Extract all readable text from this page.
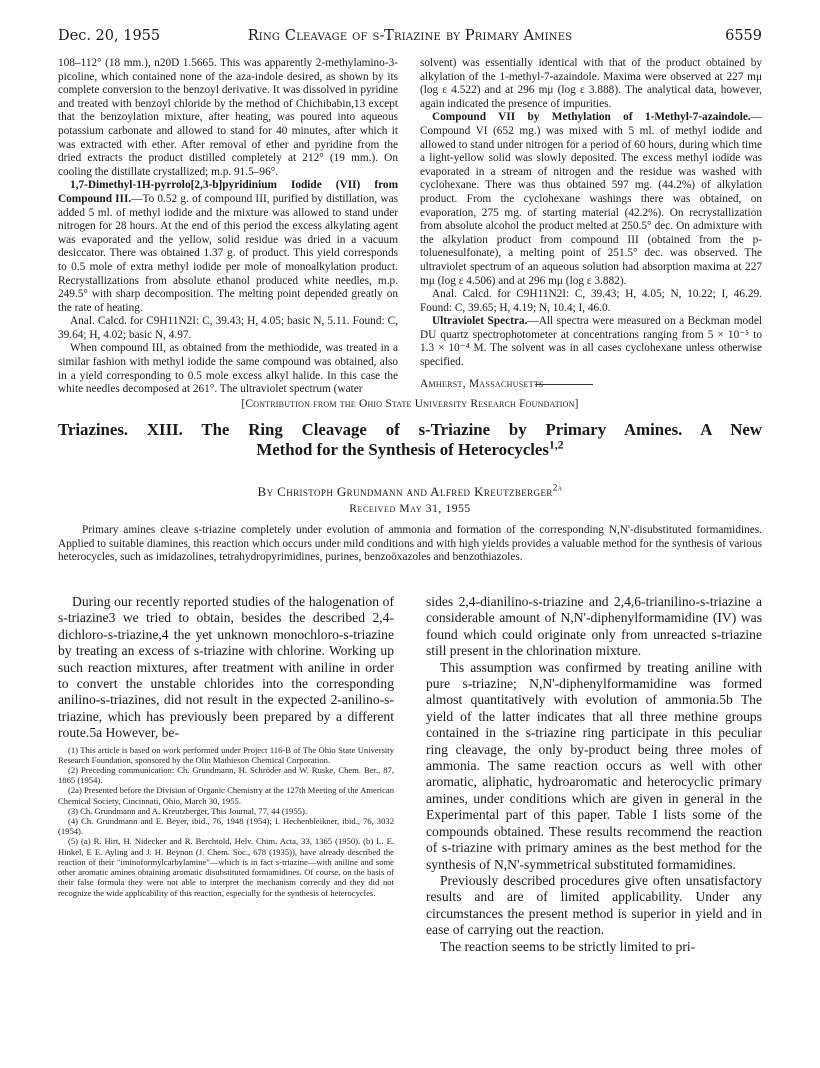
Dec. 20, 1955	Ring Cleavage of s-Triazine by Primary Amines	6559

108–112° (18 mm.), n20D 1.5665. This was apparently 2-methylamino-3-picoline, which contained none of the aza-indole desired, as shown by its complete conversion to the benzoyl derivative. It was dissolved in pyridine and treated with benzoyl chloride by the method of Chichibabin,13 except that the benzoylation mixture, after heating, was poured into aqueous potassium carbonate and allowed to stand for 40 minutes, after which it was extracted with ether. After removal of ether and pyridine from the dried extracts the product distilled completely at 212° (19 mm.). On cooling the distillate crystallized; m.p. 91.5–96°.

1,7-Dimethyl-1H-pyrrolo[2,3-b]pyridinium Iodide (VII) from Compound III.—To 0.52 g. of compound III, purified by distillation, was added 5 ml. of methyl iodide and the mixture was allowed to stand under nitrogen for 28 hours. At the end of this period the excess alkylating agent was evaporated and the yellow, solid residue was dried in a vacuum desiccator. There was obtained 1.37 g. of product. This yield corresponds to 0.5 mole of extra methyl iodide per mole of monoalkylation product. Recrystallizations from absolute ethanol produced white needles, m.p. 249.5° with sharp decomposition. The melting point depended greatly on the rate of heating.

Anal. Calcd. for C9H11N2I: C, 39.43; H, 4.05; basic N, 5.11. Found: C, 39.64; H, 4.02; basic N, 4.97.

When compound III, as obtained from the methiodide, was treated in a similar fashion with methyl iodide the same compound was obtained, also in a yield corresponding to 0.5 mole excess alkyl halide. In this case the white needles decomposed at 261°. The ultraviolet spectrum (water

solvent) was essentially identical with that of the product obtained by alkylation of the 1-methyl-7-azaindole. Maxima were observed at 227 mμ (log ε 4.522) and at 296 mμ (log ε 3.888). The analytical data, however, again indicated the presence of impurities.

Compound VII by Methylation of 1-Methyl-7-azaindole.—Compound VI (652 mg.) was mixed with 5 ml. of methyl iodide and allowed to stand under nitrogen for a period of 60 hours, during which time a light-yellow solid was slowly deposited. The excess methyl iodide was evaporated in a stream of nitrogen and the residue was washed with cyclohexane. There was thus obtained 597 mg. (44.2%) of alkylation product. From the cyclohexane washings there was obtained, on evaporation, 275 mg. of starting material (42.2%). On recrystallization from absolute alcohol the product melted at 250.5° dec. On admixture with the alkylation product from compound III (obtained from the p-toluenesulfonate), a melting point of 251.5° dec. was observed. The ultraviolet spectrum of an aqueous solution had absorption maxima at 227 mμ (log ε 4.506) and at 296 mμ (log ε 3.882).

Anal. Calcd. for C9H11N2I: C, 39.43; H, 4.05; N, 10.22; I, 46.29. Found: C, 39.65; H, 4.19; N, 10.4; I, 46.0.

Ultraviolet Spectra.—All spectra were measured on a Beckman model DU quartz spectrophotometer at concentrations ranging from 5 × 10⁻⁵ to 1.3 × 10⁻⁴ M. The solvent was in all cases cyclohexane unless otherwise specified.

Amherst, Massachusetts
[Contribution from the Ohio State University Research Foundation]
Triazines. XIII. The Ring Cleavage of s-Triazine by Primary Amines. A New
Method for the Synthesis of Heterocycles$^{1,2}$
By Christoph Grundmann and Alfred Kreutzberger$^{2a}$
Received May 31, 1955
Primary amines cleave s-triazine completely under evolution of ammonia and formation of the corresponding N,N'-disubstituted formamidines. Applied to suitable diamines, this reaction which occurs under mild conditions and with high yields provides a valuable method for the synthesis of various heterocycles, such as imidazolines, tetrahydropyrimidines, purines, benzoöxazoles and benzothiazoles.

During our recently reported studies of the halogenation of s-triazine3 we tried to obtain, besides the described 2,4-dichloro-s-triazine,4 the yet unknown monochloro-s-triazine by treating an excess of s-triazine with chlorine. Working up such reaction mixtures, after treatment with aniline in order to convert the unstable chlorides into the corresponding anilino-s-triazines, did not result in the expected 2-anilino-s-triazine, which has previously been prepared by a different route.5a However, be-

(1) This article is based on work performed under Project 116-B of The Ohio State University Research Foundation, sponsored by the Olin Mathieson Chemical Corporation.

(2) Preceding communication: Ch. Grundmann, H. Schröder and W. Ruske, Chem. Ber., 87, 1865 (1954).

(2a) Presented before the Division of Organic Chemistry at the 127th Meeting of the American Chemical Society, Cincinnati, Ohio, March 30, 1955.

(3) Ch. Grundmann and A. Kreutzberger, This Journal, 77, 44 (1955).

(4) Ch. Grundmann and E. Beyer, ibid., 76, 1948 (1954); I. Hechenbleikner, ibid., 76, 3032 (1954).

(5) (a) R. Hirt, H. Nidecker and R. Berchtold, Helv. Chim. Acta, 33, 1365 (1950). (b) L. E. Hinkel, E E. Ayling and J. H. Beynon (J. Chem. Soc., 678 (1935)), have already described the reaction of their "iminoformylcarbylamine"—which is in fact s-triazine—with aniline and some other aromatic amines obtaining aromatic disubstituted formamidines. Of course, on the basis of their false formula they were not able to interpret the mechanism correctly and they did not recognize the wide applicability of this reaction, especially for the synthesis of heterocycles.

sides 2,4-dianilino-s-triazine and 2,4,6-trianilino-s-triazine a considerable amount of N,N'-diphenylformamidine (IV) was found which could originate only from unreacted s-triazine still present in the chlorination mixture.

This assumption was confirmed by treating aniline with pure s-triazine; N,N'-diphenylformamidine was formed almost quantitatively with evolution of ammonia.5b The yield of the latter indicates that all three methine groups contained in the s-triazine ring participate in this peculiar ring cleavage, the only by-product being three moles of ammonia. The same reaction occurs as well with other aromatic, aliphatic, hydroaromatic and heterocyclic primary amines, under conditions which are given in general in the Experimental part of this paper. Table I lists some of the compounds obtained. These results recommend the reaction of s-triazine with primary amines as the best method for the synthesis of N,N'-symmetrical substituted formamidines.

Previously described procedures give often unsatisfactory results and are of limited applicability. Under any circumstances the present method is superior in yield and in ease of carrying out the reaction.

The reaction seems to be strictly limited to pri-
